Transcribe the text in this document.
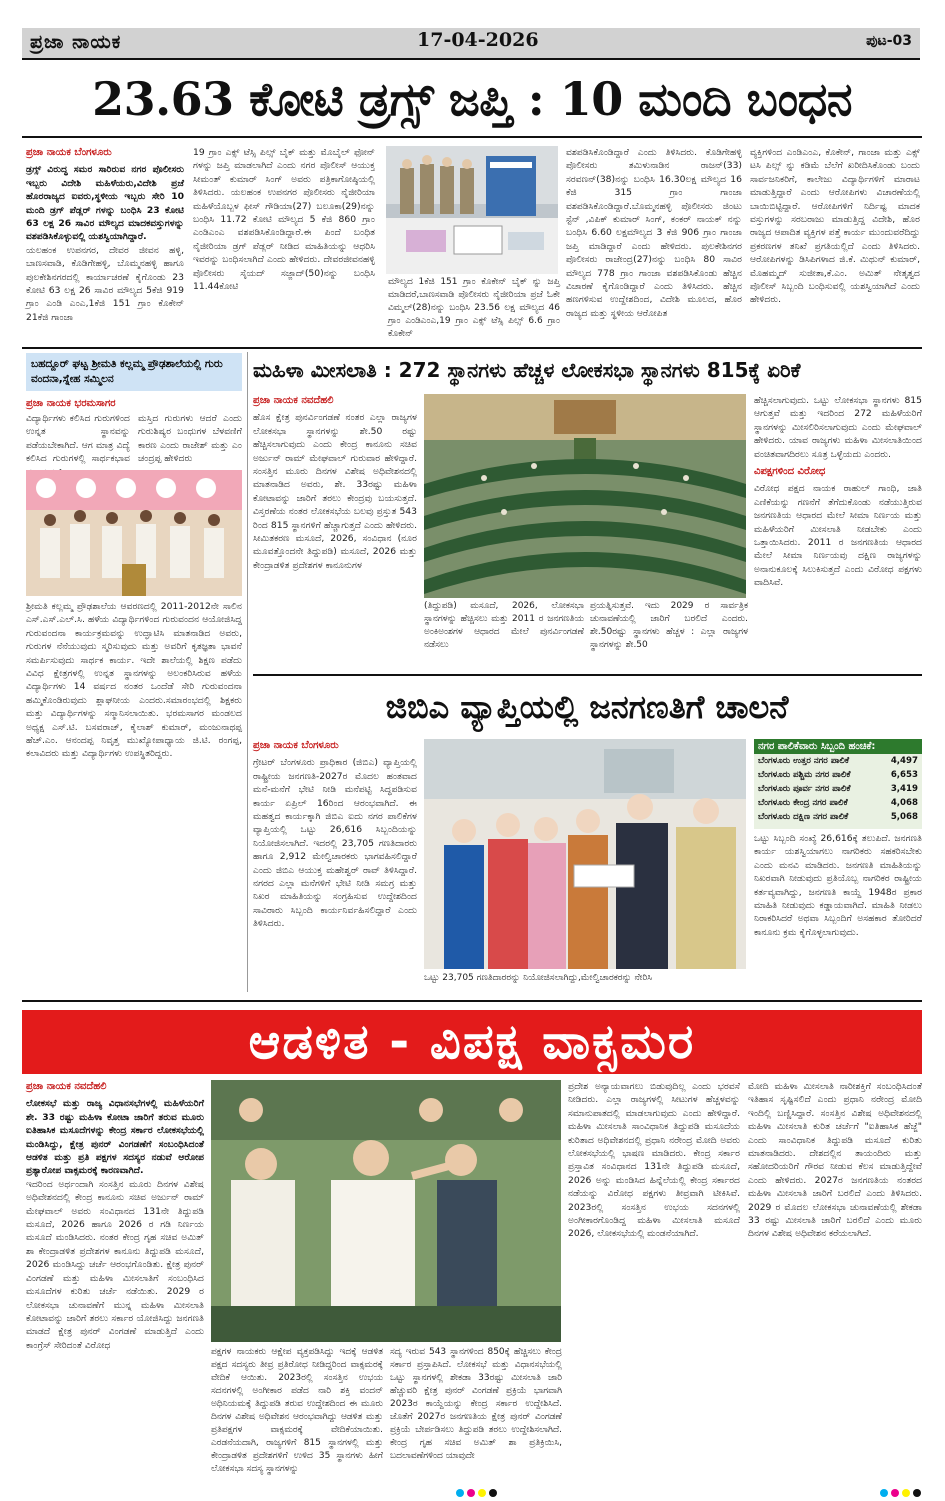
ಪ್ರಜಾ ನಾಯಕ	17-04-2026	ಪುಟ-03
23.63 ಕೋಟಿ ಡ್ರಗ್ಸ್ ಜಪ್ತಿ : 10 ಮಂದಿ ಬಂಧನ
ಪ್ರಜಾ ನಾಯಕ ಬೆಂಗಳೂರು
ಡ್ರಗ್ಸ್ ವಿರುದ್ಧ ಸಮರ ಸಾರಿರುವ ನಗರ ಪೊಲೀಸರು ಇಬ್ಬರು ವಿದೇಶಿ ಮಹಿಳೆಯರು,ವಿದೇಶಿ ಪ್ರಜೆ ಹೊರರಾಜ್ಯದ ಐವರು,ಸ್ಥಳೀಯ ಇಬ್ಬರು ಸೇರಿ 10 ಮಂದಿ ಡ್ರಗ್ ಪೆಡ್ಲರ್ ಗಳನ್ನು ಬಂಧಿಸಿ 23 ಕೋಟಿ 63 ಲಕ್ಷ 26 ಸಾವಿರ ಮೌಲ್ಯದ ಮಾದಕವಸ್ತುಗಳನ್ನು ವಶಪಡಿಸಿಕೊಳ್ಳುವಲ್ಲಿ ಯಶಸ್ವಿಯಾಗಿದ್ದಾರೆ.
ಯಲಹಂಕ ಉಪನಗರ, ದೇವರ ಜೀವನ ಹಳ್ಳಿ, ಬಾಣಸವಾಡಿ, ಕೊಡಿಗೇಹಳ್ಳಿ, ಬೊಮ್ಮನಹಳ್ಳಿ ಹಾಗೂ ಪುಲಕೇಶಿನಗರದಲ್ಲಿ ಕಾರ್ಯಾಚರಣೆ ಕೈಗೊಂಡು 23 ಕೋಟಿ 63 ಲಕ್ಷ 26 ಸಾವಿರ ಮೌಲ್ಯದ 5ಕೆಜಿ 919 ಗ್ರಾಂ ಎಂಡಿ ಎಂಎ,1ಕೆಜಿ 151 ಗ್ರಾಂ ಕೊಕೇನ್ 21ಕೆಜಿ ಗಾಂಜಾ
19 ಗ್ರಾಂ ಎಕ್ಸ್ ಟೆಸ್ಸಿ ಪಿಲ್ಸ್ ಬೈಕ್ ಮತ್ತು ಮೊಬೈಲ್ ಫೋನ್ ಗಳನ್ನು ಜಪ್ತಿ ಮಾಡಲಾಗಿದೆ ಎಂದು ನಗರ ಪೊಲೀಸ್ ಆಯುಕ್ತ ಸೀಮಂತ್ ಕುಮಾರ್ ಸಿಂಗ್ ಅವರು ಪತ್ರಿಕಾಗೋಷ್ಠಿಯಲ್ಲಿ ತಿಳಿಸಿದರು. ಯಲಹಂಕ ಉಪನಗರ ಪೊಲೀಸರು ನೈಜೀರಿಯಾ ಮಹಿಳೆಯೊಬ್ಬಳ ಫೀಸ್ ಗೌಡಿಯಾ(27) ಬಲೂಕಾ(29)ನನ್ನು ಬಂಧಿಸಿ 11.72 ಕೋಟಿ ಮೌಲ್ಯದ 5 ಕೆಜಿ 860 ಗ್ರಾಂ ಎಂಡಿಎಂಎ ವಶಪಡಿಸಿಕೊಂಡಿದ್ದಾರೆ.ಈ ಪಿಂದೆ ಬಂಧಿತ ನೈಜೀರಿಯಾ ಡ್ರಗ್ ಪೆಡ್ಲರ್ ನೀಡಿದ ಮಾಹಿತಿಯನ್ನು ಆಧರಿಸಿ ಇವರನ್ನು ಬಂಧಿಸಲಾಗಿದೆ ಎಂದು ಹೇಳಿದರು. ದೇವರಜೀವನಹಳ್ಳಿ ಪೊಲೀಸರು ಸೈಯದ್ ಸಜ್ಜಾದ್(50)ನನ್ನು ಬಂಧಿಸಿ 11.44ಕೋಟಿ	ಮೌಲ್ಯದ 1ಕೆಜಿ 151 ಗ್ರಾಂ ಕೊಕೇನ್ ಬೈಕ್ ನ್ನು ಜಪ್ತಿ ಮಾಡಿದರೆ,ಬಾಣಸವಾಡಿ ಪೊಲೀಸರು ನೈಜೀರಿಯಾ ಪ್ರಜೆ ಓಕೇ ವಿಮ್ಮಲ್(28)ನನ್ನು ಬಂಧಿಸಿ 23.56 ಲಕ್ಷ ಮೌಲ್ಯದ 46 ಗ್ರಾಂ ಎಂಡಿಎಂಎ,19 ಗ್ರಾಂ ಎಕ್ಸ್ ಟೆಸ್ಸಿ ಪಿಲ್ಸ್ 6.6 ಗ್ರಾಂ ಕೊಕೇನ್
ವಶಪಡಿಸಿಕೊಂಡಿದ್ದಾರೆ ಎಂದು ತಿಳಿಸಿದರು. ಕೊಡಿಗೇಹಳ್ಳಿ ಪೊಲೀಸರು ತಮಿಳುನಾಡಿನ ರಾಜನ್(33) ಸರವಣನ್(38)ನನ್ನು ಬಂಧಿಸಿ 16.30ಲಕ್ಷ ಮೌಲ್ಯದ 16 ಕೆಜಿ 315 ಗ್ರಾಂ ಗಾಂಜಾ ವಶಪಡಿಸಿಕೊಂಡಿದ್ದಾರೆ.ಬೊಮ್ಮನಹಳ್ಳಿ ಪೊಲೀಸರು ಜಿಂಟು ಸ್ಟೆನ್ ,ವಿಪಿಕ್ ಕುಮಾರ್ ಸಿಂಗ್, ಕಂಕರ್ ನಾಯಕ್ ನನ್ನು ಬಂಧಿಸಿ 6.60 ಲಕ್ಷಮೌಲ್ಯದ 3 ಕೆಜಿ 906 ಗ್ರಾಂ ಗಾಂಜಾ ಜಪ್ತಿ ಮಾಡಿದ್ದಾರೆ ಎಂದು ಹೇಳಿದರು. ಪುಲಕೇಶಿನಗರ ಪೊಲೀಸರು ರಾಜೇಂದ್ರ(27)ನನ್ನು ಬಂಧಿಸಿ 80 ಸಾವಿರ ಮೌಲ್ಯದ 778 ಗ್ರಾಂ ಗಾಂಜಾ ವಶಪಡಿಸಿಕೊಂಡು ಹೆಚ್ಚಿನ ವಿಚಾರಣೆ ಕೈಗೊಂಡಿದ್ದಾರೆ ಎಂದು ತಿಳಿಸಿದರು. ಹೆಚ್ಚಿನ ಹಣಗಳಿಸುವ ಉದ್ದೇಶದಿಂದ, ವಿದೇಶಿ ಮೂಲದ, ಹೊರ ರಾಜ್ಯದ ಮತ್ತು ಸ್ಥಳೀಯ ಆರೋಪಿತ
ವ್ಯಕ್ತಿಗಳಿಂದ ಎಂಡಿಎಂಎ, ಕೊಕೇನ್, ಗಾಂಜಾ ಮತ್ತು ಎಕ್ಸ್ ಟಸಿ ಪಿಲ್ಸ್ ನ್ನು ಕಡಿಮೆ ಬೆಲೆಗೆ ಖರೀದಿಸಿಕೊಂಡು ಬಂದು ಸಾರ್ವಜನಿಕರಿಗೆ, ಕಾಲೇಜು ವಿದ್ಯಾರ್ಥಿಗಳಿಗೆ ಮಾರಾಟ ಮಾಡುತ್ತಿದ್ದಾರೆ ಎಂದು ಆರೋಪಿಗಳು ವಿಚಾರಣೆಯಲ್ಲಿ ಬಾಯಿಬಿಟ್ಟಿದ್ದಾರೆ. ಆರೋಪಿಗಳಿಗೆ ನಿರ್ದಿಷ್ಟ ಮಾದಕ ವಸ್ತುಗಳನ್ನು ಸರಬರಾಜು ಮಾಡುತ್ತಿದ್ದ ವಿದೇಶಿ, ಹೊರ ರಾಜ್ಯದ ಆಪಾದಿತ ವ್ಯಕ್ತಿಗಳ ಪತ್ತೆ ಕಾರ್ಯ ಮುಂದುವರೆದಿದ್ದು ಪ್ರಕರಣಗಳ ತನಿಖೆ ಪ್ರಗತಿಯಲ್ಲಿದೆ ಎಂದು ತಿಳಿಸಿದರು. ಆರೋಪಿಗಳನ್ನು ಡಿಸಿಪಿಗಳಾದ ಜಿ.ಕೆ. ಮಿಥುನ್ ಕುಮಾರ್, ಮೊಹಮ್ಮದ್ ಸುಜೀತಾ,ಕೆ.ಎಂ. ಅಮಿತ್ ನೇತೃತ್ವದ ಪೊಲೀಸ್ ಸಿಬ್ಬಂದಿ ಬಂಧಿಸುವಲ್ಲಿ ಯಶಸ್ವಿಯಾಗಿದೆ ಎಂದು ಹೇಳಿದರು.
ಬಹದ್ದೂರ್ ಘಟ್ಟ ಶ್ರೀಮತಿ ಕಲ್ಲಮ್ಮ ಪ್ರೌಢಶಾಲೆಯಲ್ಲಿ ಗುರು ವಂದನಾ,ಸ್ನೇಹ ಸಮ್ಮಿಲನ
ಪ್ರಜಾ ನಾಯಕ ಭರಮಸಾಗರ
ವಿದ್ಯಾರ್ಥಿಗಳು ಕಲಿಸಿದ ಗುರುಗಳಿಂದ ಉನ್ನತ ಸ್ಥಾನವನ್ನು ಪಡೆಯಬೇಕಾಗಿದೆ. ಆಗ ಮಾತ್ರ ವಿದ್ಯೆ ಕಲಿಸಿದ ಗುರುಗಳಲ್ಲಿ ಸಾರ್ಥಕಭಾವ
ಮಸ್ತಿದ ಗುರುಗಳು ಆದರೆ ಎಂದು ಗುರುಶಿಷ್ಯರ ಬಂಧುಗಳ ಬೆಳವಣಿಗೆ ಕಾರಣ ಎಂದು ರಾಜೇಶ್ ಮತ್ತು ಎಂ ಚಂದ್ರಪ್ಪ ಹೇಳಿದರು
ಶ್ರೀಮತಿ ಕಲ್ಲಮ್ಮ ಪ್ರೌಢಶಾಲೆಯ ಆವರಣದಲ್ಲಿ 2011-2012ನೇ ಸಾಲಿನ ಎಸ್.ಎಸ್.ಎಲ್.ಸಿ. ಹಳೆಯ ವಿದ್ಯಾರ್ಥಿಗಳಿಂದ ಗುರುವಂದನ ಆಯೋಜಿಸಿದ್ದ ಗುರುವಂದನಾ ಕಾರ್ಯಕ್ರಮವನ್ನು ಉದ್ಘಾಟಿಸಿ ಮಾತನಾಡಿದ ಅವರು, ಗುರುಗಳ ನೆನೆಯುವುದು ಸ್ಮರಿಸುವುದು ಮತ್ತು ಅವರಿಗೆ ಕೃತಜ್ಞತಾ ಭಾವನೆ ಸಮರ್ಪಿಸುವುದು ಸಾರ್ಥಕ ಕಾರ್ಯ. ಇದೇ ಶಾಲೆಯಲ್ಲಿ ಶಿಕ್ಷಣ ಪಡೆದು ವಿವಿಧ ಕ್ಷೇತ್ರಗಳಲ್ಲಿ ಉನ್ನತ ಸ್ಥಾನಗಳನ್ನು ಅಲಂಕರಿಸಿರುವ ಹಳೆಯ ವಿದ್ಯಾರ್ಥಿಗಳು 14 ವರ್ಷದ ನಂತರ ಒಂದೆಡೆ ಸೇರಿ ಗುರುವಂದನಾ ಹಮ್ಮಿಕೊಂಡಿರುವುದು ಶ್ಲಾಘನೀಯ ಎಂದರು.ಸಮಾರಂಭದಲ್ಲಿ ಶಿಕ್ಷಕರು ಮತ್ತು ವಿದ್ಯಾರ್ಥಿಗಳನ್ನು ಸನ್ಮಾನಿಸಲಾಯಿತು. ಭರಮಸಾಗರ ಮಂಡಲದ ಅಧ್ಯಕ್ಷ ಎಸ್.ಟಿ. ಬಸವರಾಜ್, ಕೈಲಾಶ್ ಕುಮಾರ್, ಮಂಜುನಾಥಪ್ಪ ಹೆಚ್.ಎಂ. ಆನಂದಪ್ಪ ನಿವೃತ್ತ ಮುಖ್ಯೋಪಾಧ್ಯಾಯ ಜಿ.ಟಿ. ರಂಗಪ್ಪ, ಕಲಾವಿದರು ಮತ್ತು ವಿದ್ಯಾರ್ಥಿಗಳು ಉಪಸ್ಥಿತರಿದ್ದರು.
ಮಹಿಳಾ ಮೀಸಲಾತಿ : 272 ಸ್ಥಾನಗಳು ಹೆಚ್ಚಳ ಲೋಕಸಭಾ ಸ್ಥಾನಗಳು 815ಕ್ಕೆ ಏರಿಕೆ
ಪ್ರಜಾ ನಾಯಕ ನವದೆಹಲಿ
ಹೊಸ ಕ್ಷೇತ್ರ ಪುನರ್ವಿಂಗಡಣೆ ನಂತರ ಎಲ್ಲಾ ರಾಜ್ಯಗಳ ಲೋಕಸಭಾ ಸ್ಥಾನಗಳನ್ನು ಶೇ.50 ರಷ್ಟು ಹೆಚ್ಚಿಸಲಾಗುವುದು ಎಂದು ಕೇಂದ್ರ ಕಾನೂನು ಸಚಿವ ಅರ್ಜುನ್ ರಾಮ್ ಮೇಘವಾಲ್ ಗುರುವಾರ ಹೇಳಿದ್ದಾರೆ. ಸಂಸತ್ತಿನ ಮೂರು ದಿನಗಳ ವಿಶೇಷ ಅಧಿವೇಶನದಲ್ಲಿ ಮಾತನಾಡಿದ ಅವರು, ಶೇ. 33ರಷ್ಟು ಮಹಿಳಾ ಕೋಟಾವನ್ನು ಜಾರಿಗೆ ತರಲು ಕೇಂದ್ರವು ಬಯಸುತ್ತದೆ. ವಿಸ್ತರಣೆಯ ನಂತರ ಲೋಕಸಭೆಯ ಬಲವು ಪ್ರಸ್ತುತ 543 ರಿಂದ 815 ಸ್ಥಾನಗಳಿಗೆ ಹೆಚ್ಚಾಗುತ್ತದೆ ಎಂದು ಹೇಳಿದರು. ಸೀಮಿತಕರಣ ಮಸೂದೆ, 2026, ಸಂವಿಧಾನ (ನೂರ ಮೂವತ್ತೊಂದನೇ ತಿದ್ದುಪಡಿ) ಮಸೂದೆ, 2026 ಮತ್ತು ಕೇಂದ್ರಾಡಳಿತ ಪ್ರದೇಶಗಳ ಕಾನೂನುಗಳ
(ತಿದ್ದುಪಡಿ) ಮಸೂದೆ, 2026, ಲೋಕಸಭಾ ಸ್ಥಾನಗಳನ್ನು ಹೆಚ್ಚಿಸಲು ಮತ್ತು 2011 ರ ಜನಗಣತಿಯ ಅಂಕಿಅಂಶಗಳ ಆಧಾರದ ಮೇಲೆ ಪುನರ್ವಿಂಗಡಣೆ ನಡೆಸಲು
ಪ್ರಯತ್ನಿಸುತ್ತವೆ. ಇದು 2029 ರ ಸಾರ್ವತ್ರಿಕ ಚುನಾವಣೆಯಲ್ಲಿ ಜಾರಿಗೆ ಬರಲಿದೆ ಎಂದರು. ಶೇ.50ರಷ್ಟು ಸ್ಥಾನಗಳು ಹೆಚ್ಚಳ : ಎಲ್ಲಾ ರಾಜ್ಯಗಳ ಸ್ಥಾನಗಳನ್ನು ಶೇ.50
ಹೆಚ್ಚಿಸಲಾಗುವುದು. ಒಟ್ಟು ಲೋಕಸಭಾ ಸ್ಥಾನಗಳು 815 ಆಗುತ್ತವೆ ಮತ್ತು ಇದರಿಂದ 272 ಮಹಿಳೆಯರಿಗೆ ಸ್ಥಾನಗಳನ್ನು ಮೀಸಲಿರಿಸಲಾಗುವುದು ಎಂದು ಮೇಘವಾಲ್ ಹೇಳಿದರು. ಯಾವ ರಾಜ್ಯಗಳು ಮಹಿಳಾ ಮೀಸಲಾತಿಯಿಂದ ವಂಚಿತವಾಗದಿರಲು ಸೂತ್ರ ಒಳ್ಳೆಯದು ಎಂದರು.
ವಿಪಕ್ಷಗಳಿಂದ ವಿರೋಧ
ವಿರೋಧ ಪಕ್ಷದ ನಾಯಕ ರಾಹುಲ್ ಗಾಂಧಿ, ಜಾತಿ ಎಣಿಕೆಯನ್ನು ಗಣನೆಗೆ ತೆಗೆದುಕೊಂಡು ನಡೆಯುತ್ತಿರುವ ಜನಗಣತಿಯ ಆಧಾರದ ಮೇಲೆ ಸೀಮಾ ನಿರ್ಣಯ ಮತ್ತು ಮಹಿಳೆಯರಿಗೆ ಮೀಸಲಾತಿ ನೀಡಬೇಕು ಎಂದು ಒತ್ತಾಯಿಸಿದರು. 2011 ರ ಜನಗಣತಿಯ ಆಧಾರದ ಮೇಲೆ ಸೀಮಾ ನಿರ್ಣಯವು ದಕ್ಷಿಣ ರಾಜ್ಯಗಳನ್ನು ಅನಾನುಕೂಲಕ್ಕೆ ಸಿಲುಕಿಸುತ್ತದೆ ಎಂದು ವಿರೋಧ ಪಕ್ಷಗಳು ವಾದಿಸಿವೆ.
ಜಿಬಿಎ ವ್ಯಾಪ್ತಿಯಲ್ಲಿ ಜನಗಣತಿಗೆ ಚಾಲನೆ
ಪ್ರಜಾ ನಾಯಕ ಬೆಂಗಳೂರು
ಗ್ರೇಟರ್ ಬೆಂಗಳೂರು ಪ್ರಾಧಿಕಾರ (ಜಿಬಿಎ) ವ್ಯಾಪ್ತಿಯಲ್ಲಿ ರಾಷ್ಟ್ರೀಯ ಜನಗಣತಿ-2027ರ ಮೊದಲ ಹಂತವಾದ ಮನೆ-ಮನೆಗೆ ಭೇಟಿ ನೀಡಿ ಮನೆಪಟ್ಟಿ ಸಿದ್ಧಪಡಿಸುವ ಕಾರ್ಯ ಏಪ್ರಿಲ್ 16ರಿಂದ ಆರಂಭವಾಗಿದೆ. ಈ ಮಹತ್ವದ ಕಾರ್ಯಕ್ಕಾಗಿ ಜಿಬಿಎ ಐದು ನಗರ ಪಾಲಿಕೆಗಳ ವ್ಯಾಪ್ತಿಯಲ್ಲಿ ಒಟ್ಟು 26,616 ಸಿಬ್ಬಂದಿಯನ್ನು ನಿಯೋಜಿಸಲಾಗಿದೆ. ಇದರಲ್ಲಿ 23,705 ಗಣತಿದಾರರು ಹಾಗೂ 2,912 ಮೇಲ್ವಿಚಾರಕರು ಭಾಗವಹಿಸಲಿದ್ದಾರೆ ಎಂದು ಜಿಬಿಎ ಆಯುಕ್ತ ಮಹೇಶ್ವರ್ ರಾವ್ ತಿಳಿಸಿದ್ದಾರೆ. ನಗರದ ಎಲ್ಲಾ ಮನೆಗಳಿಗೆ ಭೇಟಿ ನೀಡಿ ಸಮಗ್ರ ಮತ್ತು ನಿಖರ ಮಾಹಿತಿಯನ್ನು ಸಂಗ್ರಹಿಸುವ ಉದ್ದೇಶದಿಂದ ಸಾವಿರಾರು ಸಿಬ್ಬಂದಿ ಕಾರ್ಯನಿರ್ವಹಿಸಲಿದ್ದಾರೆ ಎಂದು ತಿಳಿಸಿದರು.
ಒಟ್ಟು 23,705 ಗಣತಿದಾರರನ್ನು ನಿಯೋಜಿಸಲಾಗಿದ್ದು,ಮೇಲ್ವಿಚಾರಕರನ್ನು ನೇರಿಸಿ
ನಗರ ಪಾಲಿಕೆವಾರು ಸಿಬ್ಬಂದಿ ಹಂಚಿಕೆ:
ಬೆಂಗಳೂರು ಉತ್ತರ ನಗರ ಪಾಲಿಕೆ	4,497
ಬೆಂಗಳೂರು ಪಶ್ಚಿಮ ನಗರ ಪಾಲಿಕೆ	6,653
ಬೆಂಗಳೂರು ಪೂರ್ವ ನಗರ ಪಾಲಿಕೆ	3,419
ಬೆಂಗಳೂರು ಕೇಂದ್ರ ನಗರ ಪಾಲಿಕೆ	4,068
ಬೆಂಗಳೂರು ದಕ್ಷಿಣ ನಗರ ಪಾಲಿಕೆ	5,068
ಒಟ್ಟು ಸಿಬ್ಬಂದಿ ಸಂಖ್ಯೆ 26,616ಕ್ಕೆ ತಲುಪಿದೆ. ಜನಗಣತಿ ಕಾರ್ಯ ಯಶಸ್ವಿಯಾಗಲು ನಾಗರಿಕರು ಸಹಕರಿಸಬೇಕು ಎಂದು ಮನವಿ ಮಾಡಿದರು. ಜನಗಣತಿ ಮಾಹಿತಿಯನ್ನು ನಿಖರವಾಗಿ ನೀಡುವುದು ಪ್ರತಿಯೊಬ್ಬ ನಾಗರಿಕರ ರಾಷ್ಟ್ರೀಯ ಕರ್ತವ್ಯವಾಗಿದ್ದು, ಜನಗಣತಿ ಕಾಯ್ದೆ 1948ರ ಪ್ರಕಾರ ಮಾಹಿತಿ ನೀಡುವುದು ಕಡ್ಡಾಯವಾಗಿದೆ. ಮಾಹಿತಿ ನೀಡಲು ನಿರಾಕರಿಸಿದರೆ ಅಥವಾ ಸಿಬ್ಬಂದಿಗೆ ಅಸಹಕಾರ ತೋರಿದರೆ ಕಾನೂನು ಕ್ರಮ ಕೈಗೊಳ್ಳಲಾಗುವುದು.
ಆಡಳಿತ - ವಿಪಕ್ಷ ವಾಕ್ಸಮರ
ಪ್ರಜಾ ನಾಯಕ ನವದೆಹಲಿ
ಲೋಕಸಭೆ ಮತ್ತು ರಾಜ್ಯ ವಿಧಾನಸಭೆಗಳಲ್ಲಿ ಮಹಿಳೆಯರಿಗೆ ಶೇ. 33 ರಷ್ಟು ಮಹಿಳಾ ಕೋಟಾ ಜಾರಿಗೆ ತರುವ ಮೂರು ಐತಿಹಾಸಿಕ ಮಸೂದೆಗಳನ್ನು ಕೇಂದ್ರ ಸರ್ಕಾರ ಲೋಕಸಭೆಯಲ್ಲಿ ಮಂಡಿಸಿದ್ದು, ಕ್ಷೇತ್ರ ಪುನರ್ ವಿಂಗಡಣೆಗೆ ಸಂಬಂಧಿಸಿದಂತೆ ಆಡಳಿತ ಮತ್ತು ಪ್ರತಿ ಪಕ್ಷಗಳ ಸದಸ್ಯರ ನಡುವೆ ಆರೋಪ ಪ್ರತ್ಯಾರೋಪ ವಾಕ್ಸಮರಕ್ಕೆ ಕಾರಣವಾಗಿದೆ.
ಇದರಿಂದ ಅರ್ಥಂದಾಗಿ ಸಂಸತ್ತಿನ ಮೂರು ದಿನಗಳ ವಿಶೇಷ ಅಧಿವೇಶನದಲ್ಲಿ ಕೇಂದ್ರ ಕಾನೂನು ಸಚಿವ ಅರ್ಜುನ್ ರಾಮ್ ಮೇಘವಾಲ್ ಅವರು ಸಂವಿಧಾನದ 131ನೇ ತಿದ್ದುಪಡಿ ಮಸೂದೆ, 2026 ಹಾಗೂ 2026 ರ ಗಡಿ ನಿರ್ಣಯ ಮಸೂದೆ ಮಂಡಿಸಿದರು. ನಂತರ ಕೇಂದ್ರ ಗೃಹ ಸಚಿವ ಅಮಿತ್ ಶಾ ಕೇಂದ್ರಾಡಳಿತ ಪ್ರದೇಶಗಳ ಕಾನೂನು ತಿದ್ದುಪಡಿ ಮಸೂದೆ, 2026 ಮಂಡಿಸಿದ್ದು ಚರ್ಚೆ ಆರಂಭಗೊಂಡಿತು. ಕ್ಷೇತ್ರ ಪುನರ್ ವಿಂಗಡಣೆ ಮತ್ತು ಮಹಿಳಾ ಮೀಸಲಾತಿಗೆ ಸಂಬಂಧಿಸಿದ ಮಸೂದೆಗಳ ಕುರಿತು ಚರ್ಚೆ ನಡೆಯಿತು. 2029 ರ ಲೋಕಸಭಾ ಚುನಾವಣೆಗೆ ಮುನ್ನ ಮಹಿಳಾ ಮೀಸಲಾತಿ ಕೋಟಾವನ್ನು ಜಾರಿಗೆ ತರಲು ಸರ್ಕಾರ ಯೋಜಿಸಿದ್ದು ಜನಗಣತಿ ಮಾಡದೆ ಕ್ಷೇತ್ರ ಪುನರ್ ವಿಂಗಡಣೆ ಮಾಡುತ್ತಿದೆ ಎಂದು ಕಾಂಗ್ರೆಸ್ ಸೇರಿದಂತೆ ವಿರೋಧ
ಪಕ್ಷಗಳ ನಾಯಕರು ಆಕ್ಷೇಪ ವ್ಯಕ್ತಪಡಿಸಿದ್ದು ಇದಕ್ಕೆ ಆಡಳಿತ ಪಕ್ಷದ ಸದಸ್ಯರು ತೀವ್ರ ಪ್ರತಿರೋಧ ನೀಡಿದ್ದರಿಂದ ವಾಕ್ಸಮರಕ್ಕೆ ವೇದಿಕೆ ಆಯಿತು. 2023ರಲ್ಲಿ ಸಂಸತ್ತಿನ ಉಭಯ ಸದನಗಳಲ್ಲಿ ಅಂಗೀಕಾರ ಪಡೆದ ನಾರಿ ಶಕ್ತಿ ವಂದನ್ ಅಧಿನಿಯಮಕ್ಕೆ ತಿದ್ದುಪಡಿ ತರುವ ಉದ್ದೇಶದಿಂದ ಈ ಮೂರು ದಿನಗಳ ವಿಶೇಷ ಅಧಿವೇಶನ ಆರಂಭವಾಗಿದ್ದು ಆಡಳಿತ ಮತ್ತು ಪ್ರತಿಪಕ್ಷಗಳ ವಾಕ್ಸಮರಕ್ಕೆ ವೇದಿಕೆಯಾಯಿತು. ಎರಡನೆಯದಾಗಿ, ರಾಜ್ಯಗಳಿಗೆ 815 ಸ್ಥಾನಗಳಲ್ಲಿ ಮತ್ತು ಕೇಂದ್ರಾಡಳಿತ ಪ್ರದೇಶಗಳಿಗೆ ಉಳಿದ 35 ಸ್ಥಾನಗಳು ಹೀಗೆ ಲೋಕಸಭಾ ಸದಸ್ಯ ಸ್ಥಾನಗಳನ್ನು
ಸದ್ಯ ಇರುವ 543 ಸ್ಥಾನಗಳಿಂದ 850ಕ್ಕೆ ಹೆಚ್ಚಿಸಲು ಕೇಂದ್ರ ಸರ್ಕಾರ ಪ್ರಸ್ತಾಪಿಸಿದೆ. ಲೋಕಸಭೆ ಮತ್ತು ವಿಧಾನಸಭೆಯಲ್ಲಿ ಒಟ್ಟು ಸ್ಥಾನಗಳಲ್ಲಿ ಶೇಕಡಾ 33ರಷ್ಟು ಮೀಸಲಾತಿ ಜಾರಿ ಹೆಚ್ಚುವರಿ ಕ್ಷೇತ್ರ ಪುನರ್ ವಿಂಗಡಣೆ ಪ್ರಕ್ರಿಯೆ ಭಾಗವಾಗಿ 2023ರ ಕಾಯ್ದೆಯನ್ನು ಕೇಂದ್ರ ಸರ್ಕಾರ ಉದ್ದೇಶಿಸಿದೆ. ಜೊತೆಗೆ 2027ರ ಜನಗಣತಿಯ ಕ್ಷೇತ್ರ ಪುನರ್ ವಿಂಗಡಣೆ ಪ್ರಕ್ರಿಯೆ ಬೇರ್ಪಡಿಸಲು ತಿದ್ದುಪಡಿ ತರಲು ಉದ್ದೇಶಿಸಲಾಗಿದೆ. ಕೇಂದ್ರ ಗೃಹ ಸಚಿವ ಅಮಿತ್ ಶಾ ಪ್ರತಿಕ್ರಿಯಿಸಿ, ಬದಲಾವಣೆಗಳಿಂದ ಯಾವುದೇ
ಪ್ರದೇಶ ಅನ್ಯಾಯವಾಗಲು ಬಿಡುವುದಿಲ್ಲ ಎಂದು ಭರವಸೆ ನೀಡಿದರು. ಎಲ್ಲಾ ರಾಜ್ಯಗಳಲ್ಲಿ ಸೀಟುಗಳ ಹೆಚ್ಚಳವನ್ನು ಸಮಾನುಪಾತದಲ್ಲಿ ಮಾಡಲಾಗುವುದು ಎಂದು ಹೇಳಿದ್ದಾರೆ. ಮಹಿಳಾ ಮೀಸಲಾತಿ ಸಾಂವಿಧಾನಿಕ ತಿದ್ದುಪಡಿ ಮಸೂದೆಯ ಕುರಿತಾದ ಅಧಿವೇಶನದಲ್ಲಿ ಪ್ರಧಾನಿ ನರೇಂದ್ರ ಮೋದಿ ಅವರು ಲೋಕಸಭೆಯಲ್ಲಿ ಭಾಷಣ ಮಾಡಿದರು. ಕೇಂದ್ರ ಸರ್ಕಾರ ಪ್ರಸ್ತಾವಿತ ಸಂವಿಧಾನದ 131ನೇ ತಿದ್ದುಪಡಿ ಮಸೂದೆ, 2026 ಅನ್ನು ಮಂಡಿಸಿದ ಹಿನ್ನೆಲೆಯಲ್ಲಿ ಕೇಂದ್ರ ಸರ್ಕಾರದ ನಡೆಯನ್ನು ವಿರೋಧ ಪಕ್ಷಗಳು ತೀವ್ರವಾಗಿ ಟೀಕಿಸಿವೆ. 2023ರಲ್ಲಿ ಸಂಸತ್ತಿನ ಉಭಯ ಸದನಗಳಲ್ಲಿ ಅಂಗೀಕಾರಗೊಂಡಿದ್ದ ಮಹಿಳಾ ಮೀಸಲಾತಿ ಮಸೂದೆ 2026, ಲೋಕಸಭೆಯಲ್ಲಿ ಮಂಡನೆಯಾಗಿದೆ.
ಮೋದಿ ಮಹಿಳಾ ಮೀಸಲಾತಿ ನಾರೀಶಕ್ತಿಗೆ ಸಂಬಂಧಿಸಿದಂತೆ ಇತಿಹಾಸ ಸೃಷ್ಟಿಸಲಿದೆ ಎಂದು ಪ್ರಧಾನಿ ನರೇಂದ್ರ ಮೋದಿ ಇಂದಿಲ್ಲಿ ಬಣ್ಣಿಸಿದ್ದಾರೆ. ಸಂಸತ್ತಿನ ವಿಶೇಷ ಅಧಿವೇಶನದಲ್ಲಿ ಮಹಿಳಾ ಮೀಸಲಾತಿ ಕುರಿತ ಚರ್ಚೆಗೆ "ಐತಿಹಾಸಿಕ ಹೆಜ್ಜೆ" ಎಂದು ಸಾಂವಿಧಾನಿಕ ತಿದ್ದುಪಡಿ ಮಸೂದೆ ಕುರಿತು ಮಾತನಾಡಿದರು. ದೇಶದಲ್ಲಿನ ತಾಯಂದಿರು ಮತ್ತು ಸಹೋದರಿಯರಿಗೆ ಗೌರವ ನೀಡುವ ಕೆಲಸ ಮಾಡುತ್ತಿದ್ದೇವೆ ಎಂದು ಹೇಳಿದರು. 2027ರ ಜನಗಣತಿಯ ನಂತರದ ಮಹಿಳಾ ಮೀಸಲಾತಿ ಜಾರಿಗೆ ಬರಲಿದೆ ಎಂದು ತಿಳಿಸಿದರು. 2029 ರ ಮೊದಲ ಲೋಕಸಭಾ ಚುನಾವಣೆಯಲ್ಲಿ ಶೇಕಡಾ 33 ರಷ್ಟು ಮೀಸಲಾತಿ ಜಾರಿಗೆ ಬರಲಿದೆ ಎಂದು ಮೂರು ದಿನಗಳ ವಿಶೇಷ ಅಧಿವೇಶನ ಕರೆಯಲಾಗಿದೆ.
